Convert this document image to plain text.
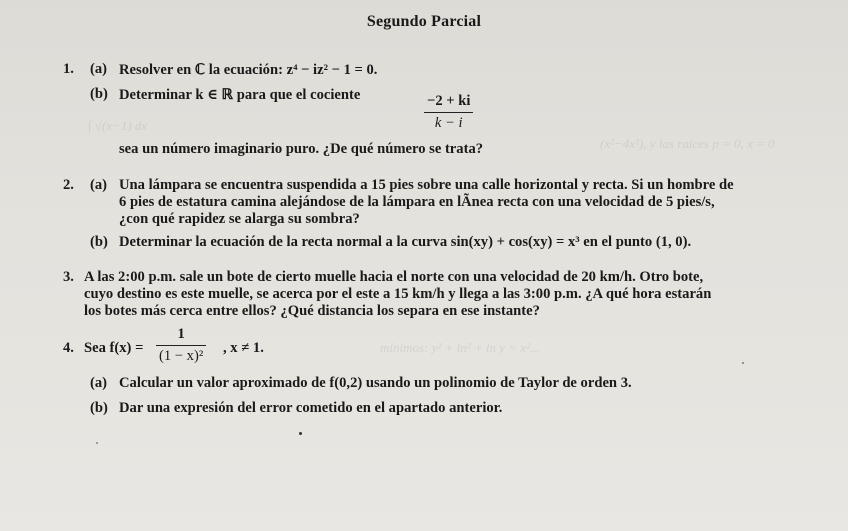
∫ √(x−1) dx
(x²−4x²), y las raíces p = 0, x = 0
mínimos: y² + ln² + ln y = x²...
Segundo Parcial
1. (a) Resolver en ℂ la ecuación: z⁴ − iz² − 1 = 0.
(b) Determinar k ∈ ℝ para que el cociente	−2 + ki
k − i
sea un número imaginario puro. ¿De qué número se trata?
2. (a) Una lámpara se encuentra suspendida a 15 pies sobre una calle horizontal y recta. Si un hombre de
6 pies de estatura camina alejándose de la lámpara en lÃnea recta con una velocidad de 5 pies/s,
¿con qué rapidez se alarga su sombra?
(b) Determinar la ecuación de la recta normal a la curva sin(xy) + cos(xy) = x³ en el punto (1, 0).
3. A las 2:00 p.m. sale un bote de cierto muelle hacia el norte con una velocidad de 20 km/h. Otro bote,
cuyo destino es este muelle, se acerca por el este a 15 km/h y llega a las 3:00 p.m. ¿A qué hora estarán
los botes más cerca entre ellos? ¿Qué distancia los separa en ese instante?
4. Sea f(x) =
1
(1 − x)² , x ≠ 1.
(a) Calcular un valor aproximado de f(0,2) usando un polinomio de Taylor de orden 3.
(b) Dar una expresión del error cometido en el apartado anterior.
